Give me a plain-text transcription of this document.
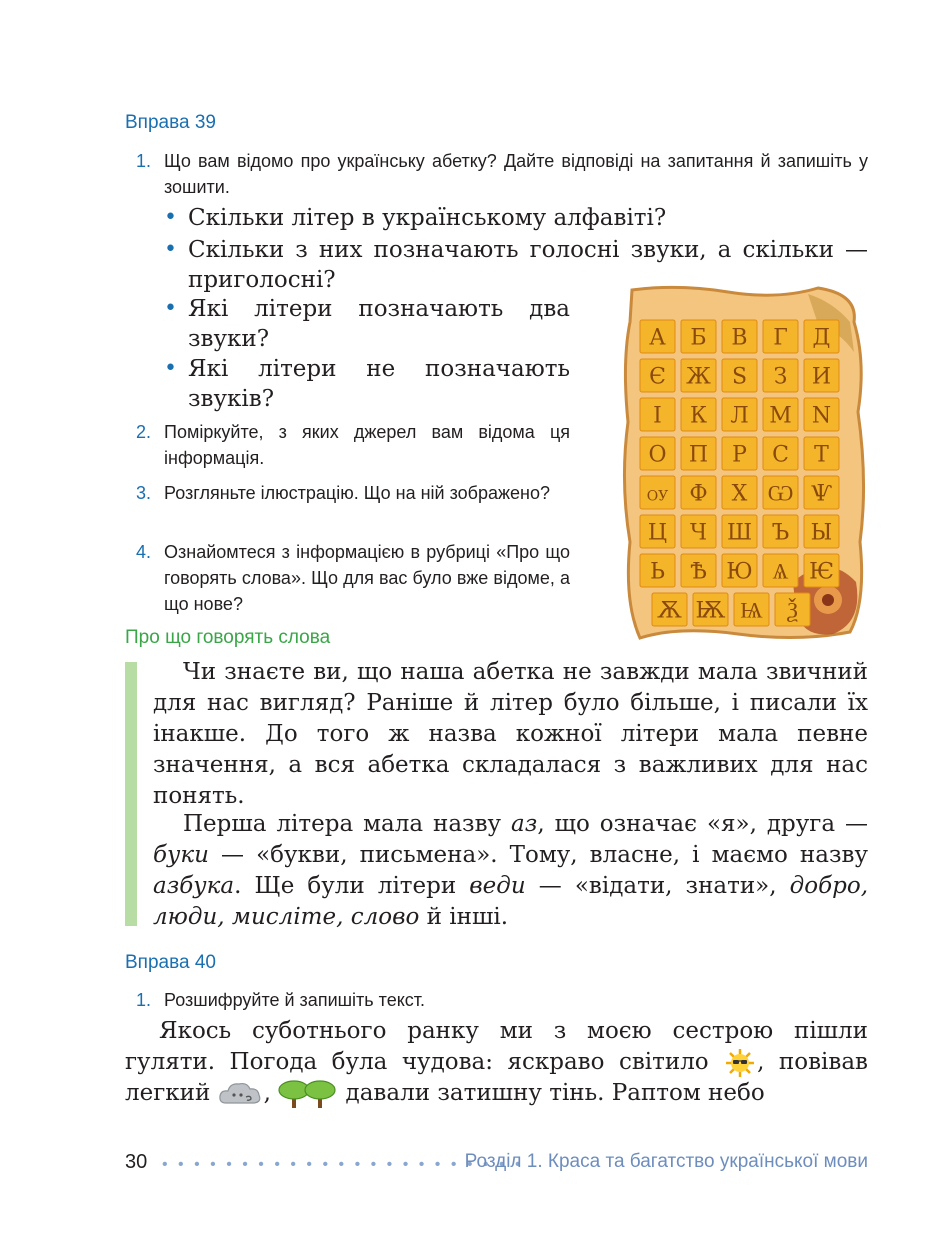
Вправа 39
1. Що вам відомо про українську абетку? Дайте відповіді на запитання й запишіть у зошити.
• Скільки літер в українському алфавіті?
• Скільки з них позначають голосні звуки, а скільки — приголосні?
• Які літери позначають два звуки?
• Які літери не позначають звуків?
2. Поміркуйте, з яких джерел вам відома ця інформація.
3. Розгляньте ілюстрацію. Що на ній зображено?
4. Ознайомтеся з інформацією в рубриці «Про що говорять слова». Що для вас було вже відоме, а що нове?
А Б В Г Д
Є Ж Ѕ З И
І К Л М N
О П Р С Т
ОУ Ф Х Ѡ Ѱ
Ц Ч Ш Ъ Ы
Ь Ѣ Ю Ѧ Ѥ
Ѫ Ѭ Ѩ Ѯ
Про що говорять слова
Чи знаєте ви, що наша абетка не завжди мала звичний для нас вигляд? Раніше й літер було більше, і писали їх інакше. До того ж назва кожної літери мала певне значення, а вся абетка складалася з важливих для нас понять.
Перша літера мала назву аз, що означає «я», друга — буки — «букви, письмена». Тому, власне, і маємо назву азбука. Ще були літери веди — «відати, знати», добро, люди, мисліте, слово й інші.
Вправа 40
1. Розшифруйте й запишіть текст.
Якось суботнього ранку ми з моєю сестрою пішли гуляти. Погода була чудова: яскраво світило , повівав легкий ,	давали затишну тінь. Раптом небо
30 • • • • • • • • • • • • • • • • • • • • • • •
Розділ 1. Краса та багатство української мови
